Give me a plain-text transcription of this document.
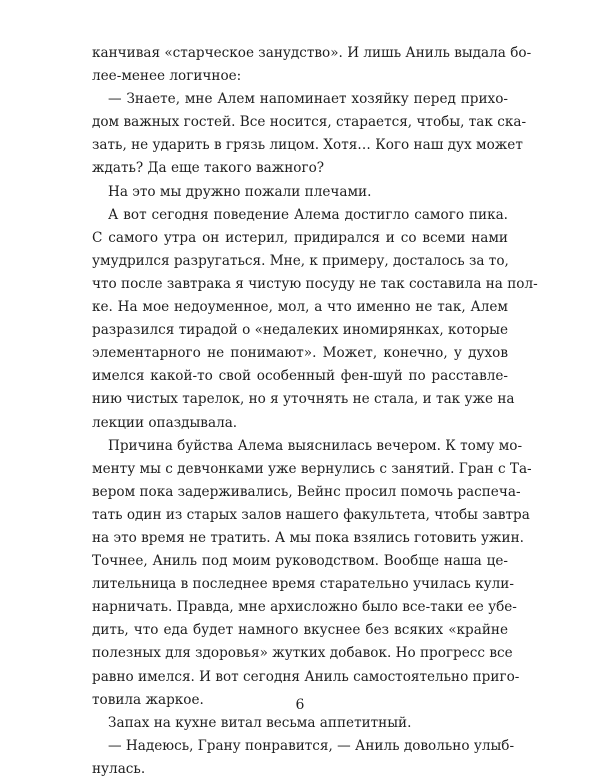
канчивая «старческое занудство». И лишь Аниль выдала бо-
лее-менее логичное:
— Знаете, мне Алем напоминает хозяйку перед прихо-
дом важных гостей. Все носится, старается, чтобы, так ска-
зать, не ударить в грязь лицом. Хотя… Кого наш дух может
ждать? Да еще такого важного?
На это мы дружно пожали плечами.
А вот сегодня поведение Алема достигло самого пика.
С самого утра он истерил, придирался и со всеми нами
умудрился разругаться. Мне, к примеру, досталось за то,
что после завтрака я чистую посуду не так составила на пол-
ке. На мое недоуменное, мол, а что именно не так, Алем
разразился тирадой о «недалеких иномирянках, которые
элементарного не понимают». Может, конечно, у духов
имелся какой-то свой особенный фен-шуй по расставле-
нию чистых тарелок, но я уточнять не стала, и так уже на
лекции опаздывала.
Причина буйства Алема выяснилась вечером. К тому мо-
менту мы с девчонками уже вернулись с занятий. Гран с Та-
вером пока задерживались, Вейнс просил помочь распеча-
тать один из старых залов нашего факультета, чтобы завтра
на это время не тратить. А мы пока взялись готовить ужин.
Точнее, Аниль под моим руководством. Вообще наша це-
лительница в последнее время старательно училась кули-
нарничать. Правда, мне архисложно было все-таки ее убе-
дить, что еда будет намного вкуснее без всяких «крайне
полезных для здоровья» жутких добавок. Но прогресс все
равно имелся. И вот сегодня Аниль самостоятельно приго-
товила жаркое.
Запах на кухне витал весьма аппетитный.
— Надеюсь, Грану понравится, — Аниль довольно улыб-
нулась.
6
